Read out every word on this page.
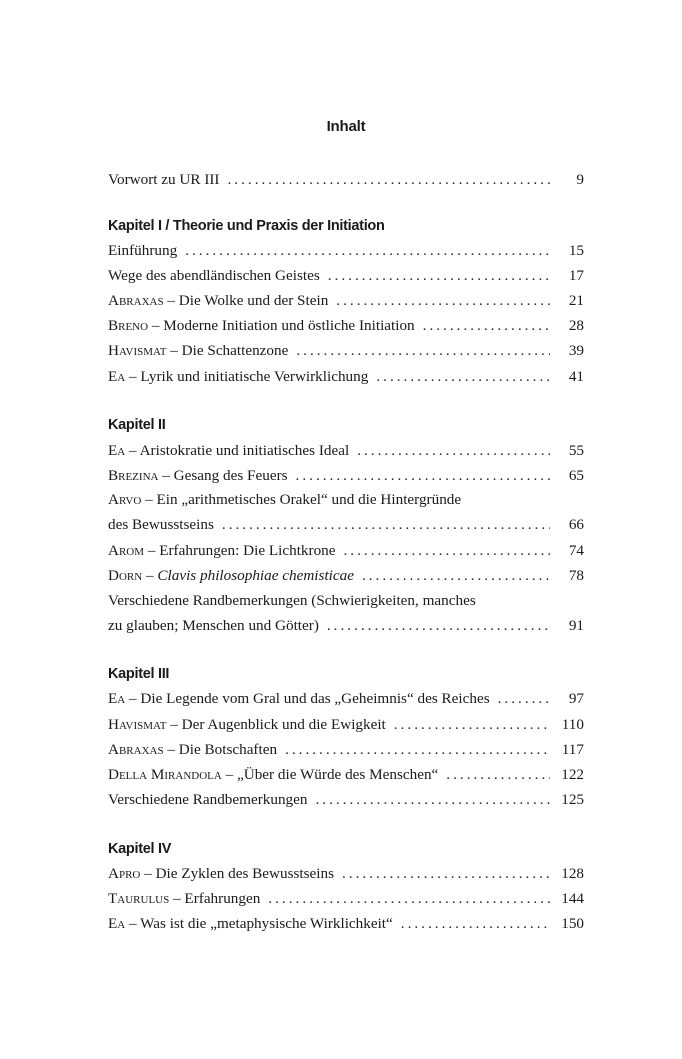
Inhalt
Vorwort zu UR III .....	9
Kapitel I / Theorie und Praxis der Initiation
Einführung .....	15
Wege des abendländischen Geistes .....	17
Abraxas – Die Wolke und der Stein .....	21
Breno – Moderne Initiation und östliche Initiation .....	28
Havismat – Die Schattenzone .....	39
Ea – Lyrik und initiatische Verwirklichung .....	41
Kapitel II
Ea – Aristokratie und initiatisches Ideal .....	55
Brezina – Gesang des Feuers .....	65
Arvo – Ein „arithmetisches Orakel“ und die Hintergründe
des Bewusstseins .....	66
Arom – Erfahrungen: Die Lichtkrone .....	74
Dorn – Clavis philosophiae chemisticae .....	78
Verschiedene Randbemerkungen (Schwierigkeiten, manches
zu glauben; Menschen und Götter) .....	91
Kapitel III
Ea – Die Legende vom Gral und das „Geheimnis“ des Reiches .....	97
Havismat – Der Augenblick und die Ewigkeit .....	110
Abraxas – Die Botschaften .....	117
Della Mirandola – „Über die Würde des Menschen“ .....	122
Verschiedene Randbemerkungen .....	125
Kapitel IV
Apro – Die Zyklen des Bewusstseins .....	128
Taurulus – Erfahrungen .....	144
Ea – Was ist die „metaphysische Wirklichkeit“ .....	150
